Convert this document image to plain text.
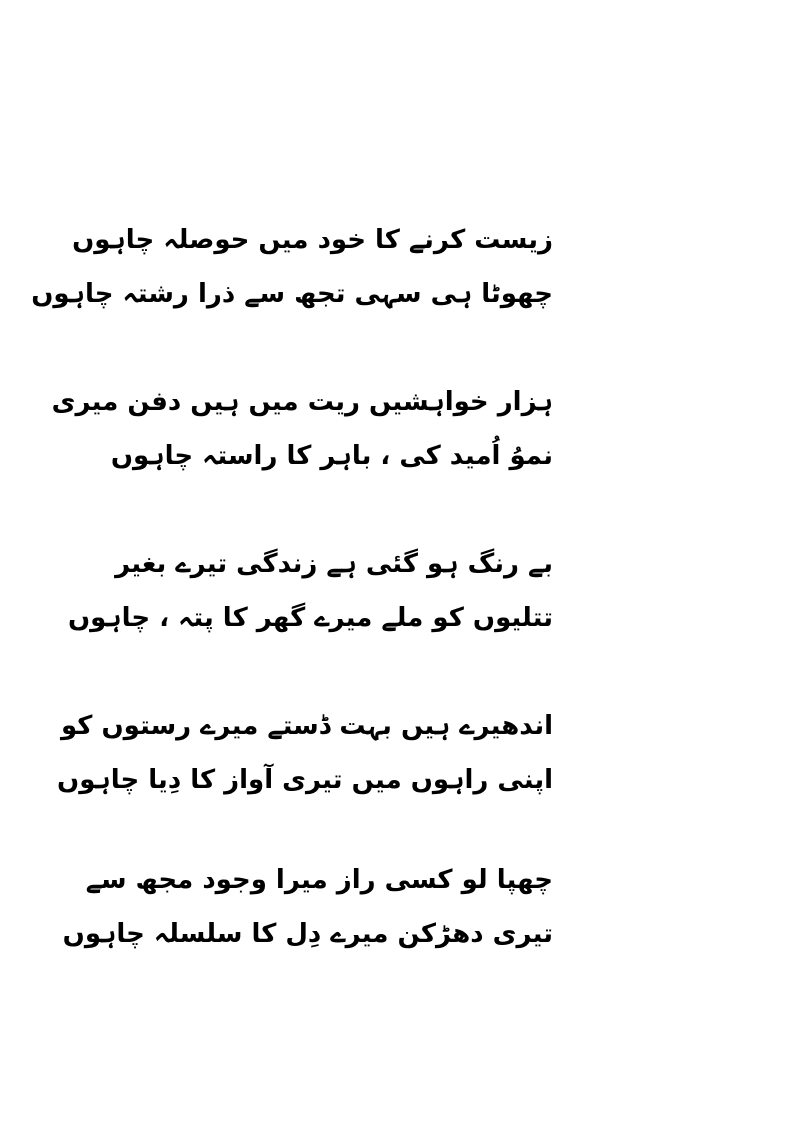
زیست کرنے کا خود میں حوصلہ چاہوں
چھوٹا ہی سہی تجھ سے ذرا رشتہ چاہوں
ہزار خواہشیں ریت میں ہیں دفن میری
نموُ اُمید کی ، باہر کا راستہ چاہوں
بے رنگ ہو گئی ہے زندگی تیرے بغیر
تتلیوں کو ملے میرے گھر کا پتہ ، چاہوں
اندھیرے ہیں بہت ڈستے میرے رستوں کو
اپنی راہوں میں تیری آواز کا دِیا چاہوں
چھپا لو کسی راز میرا وجود مجھ سے
تیری دھڑکن میرے دِل کا سلسلہ چاہوں
